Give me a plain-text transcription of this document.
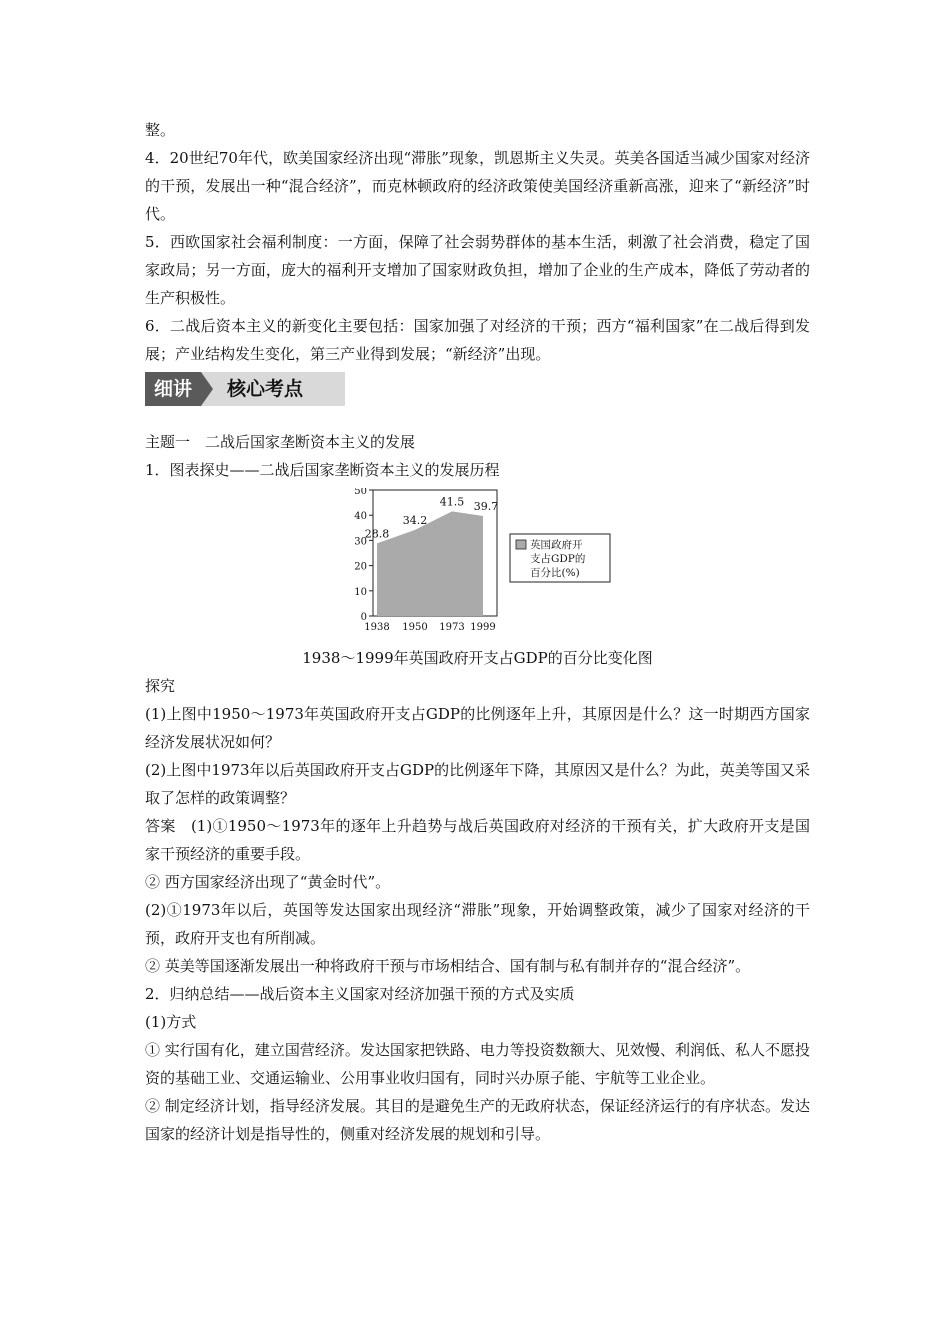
整。

4．20世纪70年代，欧美国家经济出现“滞胀”现象，凯恩斯主义失灵。英美各国适当减少国家对经济的干预，发展出一种“混合经济”，而克林顿政府的经济政策使美国经济重新高涨，迎来了“新经济”时代。

5．西欧国家社会福利制度：一方面，保障了社会弱势群体的基本生活，刺激了社会消费，稳定了国家政局；另一方面，庞大的福利开支增加了国家财政负担，增加了企业的生产成本，降低了劳动者的生产积极性。

6．二战后资本主义的新变化主要包括：国家加强了对经济的干预；西方“福利国家”在二战后得到发展；产业结构发生变化，第三产业得到发展；“新经济”出现。

细讲	核心考点

主题一　二战后国家垄断资本主义的发展

1．图表探史——二战后国家垄断资本主义的发展历程

0
10
20
30
40
50
1938 1950 1973 1999
28.8
34.2
41.5 39.7
英国政府开
支占GDP的
百分比(%)

1938～1999年英国政府开支占GDP的百分比变化图

探究

(1)上图中1950～1973年英国政府开支占GDP的比例逐年上升，其原因是什么？这一时期西方国家经济发展状况如何？

(2)上图中1973年以后英国政府开支占GDP的比例逐年下降，其原因又是什么？为此，英美等国又采取了怎样的政策调整？

答案　(1)①1950～1973年的逐年上升趋势与战后英国政府对经济的干预有关，扩大政府开支是国家干预经济的重要手段。

② 西方国家经济出现了“黄金时代”。

(2)①1973年以后，英国等发达国家出现经济“滞胀”现象，开始调整政策，减少了国家对经济的干预，政府开支也有所削减。

② 英美等国逐渐发展出一种将政府干预与市场相结合、国有制与私有制并存的“混合经济”。

2．归纳总结——战后资本主义国家对经济加强干预的方式及实质

(1)方式

① 实行国有化，建立国营经济。发达国家把铁路、电力等投资数额大、见效慢、利润低、私人不愿投资的基础工业、交通运输业、公用事业收归国有，同时兴办原子能、宇航等工业企业。

② 制定经济计划，指导经济发展。其目的是避免生产的无政府状态，保证经济运行的有序状态。发达国家的经济计划是指导性的，侧重对经济发展的规划和引导。
